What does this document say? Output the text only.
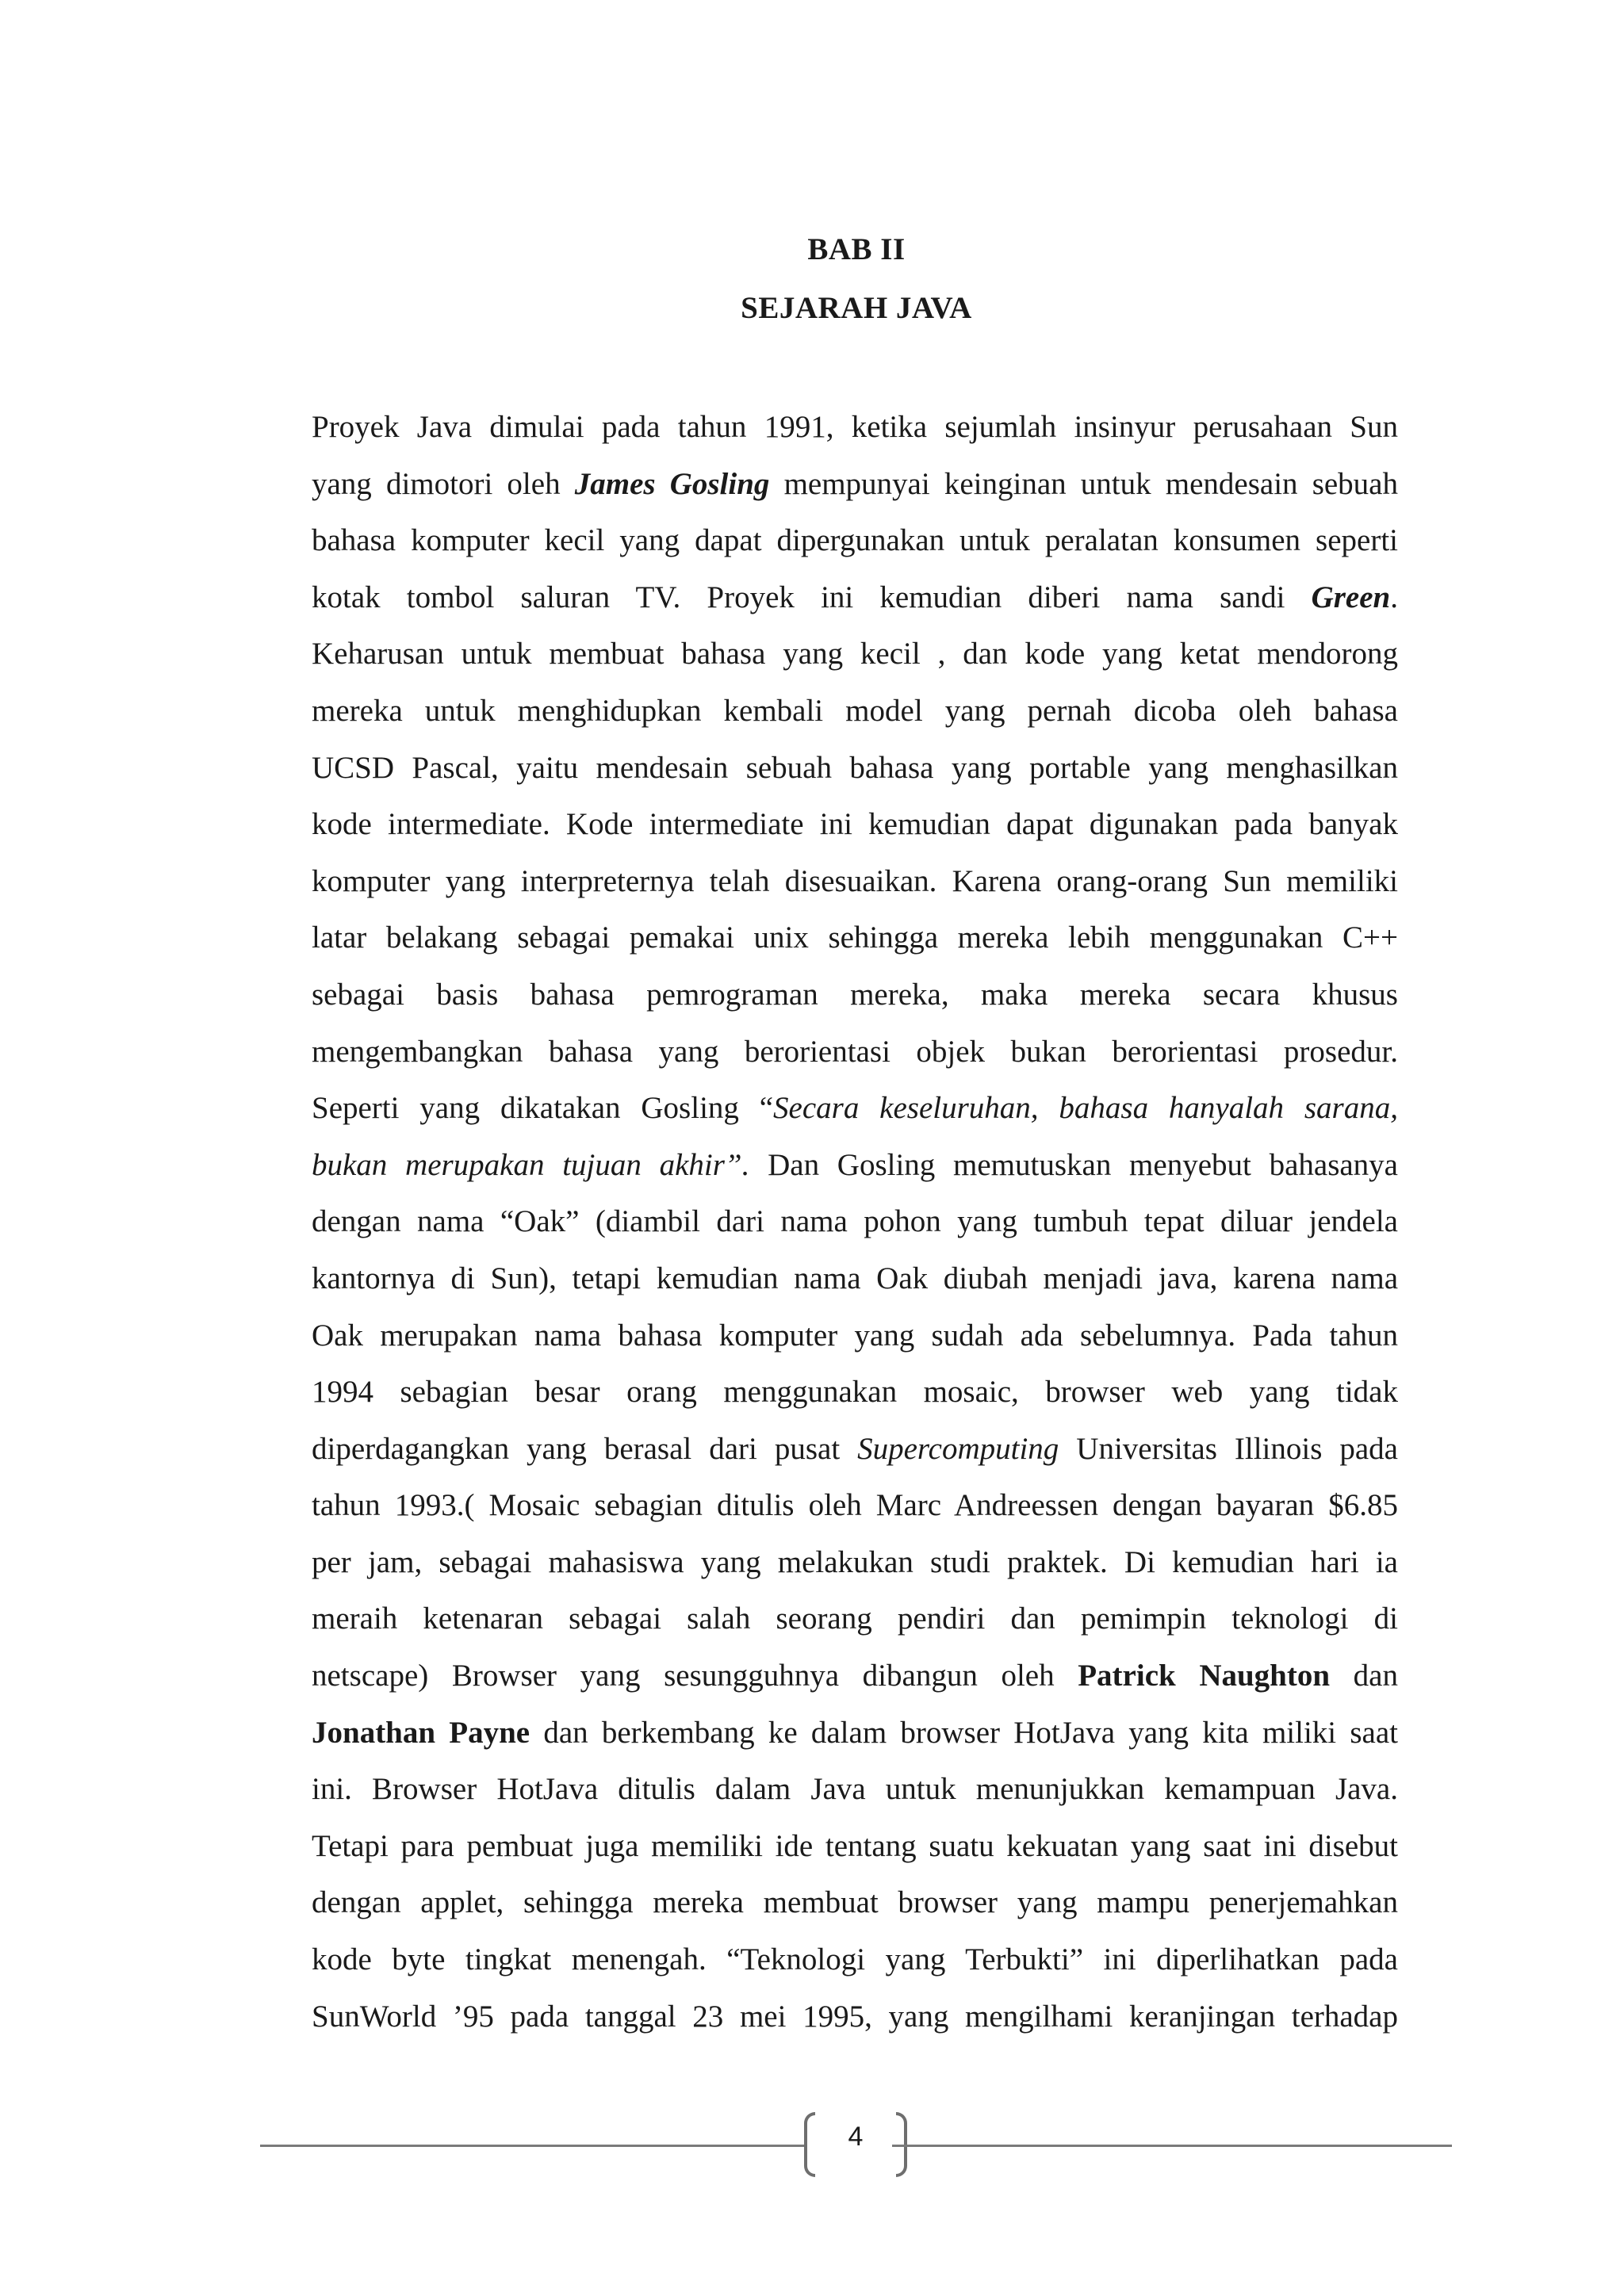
BAB II
SEJARAH JAVA
Proyek Java dimulai pada tahun 1991, ketika sejumlah insinyur perusahaan Sun
yang dimotori oleh James Gosling mempunyai keinginan untuk mendesain sebuah
bahasa komputer kecil yang dapat dipergunakan untuk peralatan konsumen seperti
kotak tombol saluran TV. Proyek ini kemudian diberi nama sandi Green.
Keharusan untuk membuat bahasa yang kecil , dan kode yang ketat mendorong
mereka untuk menghidupkan kembali model yang pernah dicoba oleh bahasa
UCSD Pascal, yaitu mendesain sebuah bahasa yang portable yang menghasilkan
kode intermediate. Kode intermediate ini kemudian dapat digunakan pada banyak
komputer yang interpreternya telah disesuaikan. Karena orang-orang Sun memiliki
latar belakang sebagai pemakai unix sehingga mereka lebih menggunakan C++
sebagai basis bahasa pemrograman mereka, maka mereka secara khusus
mengembangkan bahasa yang berorientasi objek bukan berorientasi prosedur.
Seperti yang dikatakan Gosling “Secara keseluruhan, bahasa hanyalah sarana,
bukan merupakan tujuan akhir”. Dan Gosling memutuskan menyebut bahasanya
dengan nama “Oak” (diambil dari nama pohon yang tumbuh tepat diluar jendela
kantornya di Sun), tetapi kemudian nama Oak diubah menjadi java, karena nama
Oak merupakan nama bahasa komputer yang sudah ada sebelumnya. Pada tahun
1994 sebagian besar orang menggunakan mosaic, browser web yang tidak
diperdagangkan yang berasal dari pusat Supercomputing Universitas Illinois pada
tahun 1993.( Mosaic sebagian ditulis oleh Marc Andreessen dengan bayaran $6.85
per jam, sebagai mahasiswa yang melakukan studi praktek. Di kemudian hari ia
meraih ketenaran sebagai salah seorang pendiri dan pemimpin teknologi di
netscape) Browser yang sesungguhnya dibangun oleh Patrick Naughton dan
Jonathan Payne dan berkembang ke dalam browser HotJava yang kita miliki saat
ini. Browser HotJava ditulis dalam Java untuk menunjukkan kemampuan Java.
Tetapi para pembuat juga memiliki ide tentang suatu kekuatan yang saat ini disebut
dengan applet, sehingga mereka membuat browser yang mampu penerjemahkan
kode byte tingkat menengah. “Teknologi yang Terbukti” ini diperlihatkan pada
SunWorld ’95 pada tanggal 23 mei 1995, yang mengilhami keranjingan terhadap
4
